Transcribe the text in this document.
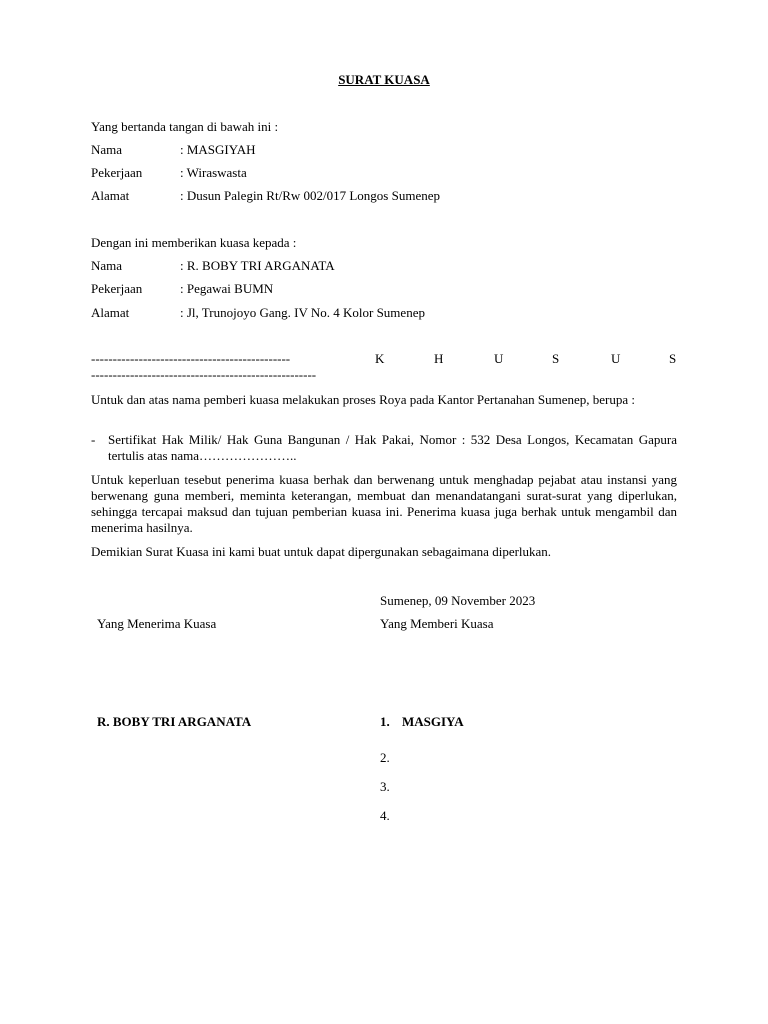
SURAT KUASA
Yang bertanda tangan di bawah ini :
Nama	: MASGIYAH
Pekerjaan	: Wiraswasta
Alamat	: Dusun Palegin Rt/Rw 002/017 Longos Sumenep
Dengan ini memberikan kuasa kepada :
Nama	: R. BOBY TRI ARGANATA
Pekerjaan	: Pegawai BUMN
Alamat	: Jl, Trunojoyo Gang. IV No. 4 Kolor Sumenep
----------------------------------------------	K	H	U	S	U	S
----------------------------------------------------
Untuk dan atas nama pemberi kuasa melakukan proses Roya pada Kantor Pertanahan Sumenep, berupa :
- Sertifikat Hak Milik/ Hak Guna Bangunan / Hak Pakai, Nomor : 532 Desa Longos, Kecamatan Gapura tertulis atas nama…………………..
Untuk keperluan tesebut penerima kuasa berhak dan berwenang untuk menghadap pejabat atau instansi yang berwenang guna memberi, meminta keterangan, membuat dan menandatangani surat-surat yang diperlukan, sehingga tercapai maksud dan tujuan pemberian kuasa ini. Penerima kuasa juga berhak untuk mengambil dan menerima hasilnya.
Demikian Surat Kuasa ini kami buat untuk dapat dipergunakan sebagaimana diperlukan.
Sumenep, 09 November 2023
Yang Menerima Kuasa	Yang Memberi Kuasa
R. BOBY TRI ARGANATA	1. MASGIYA
2.
3.
4.
